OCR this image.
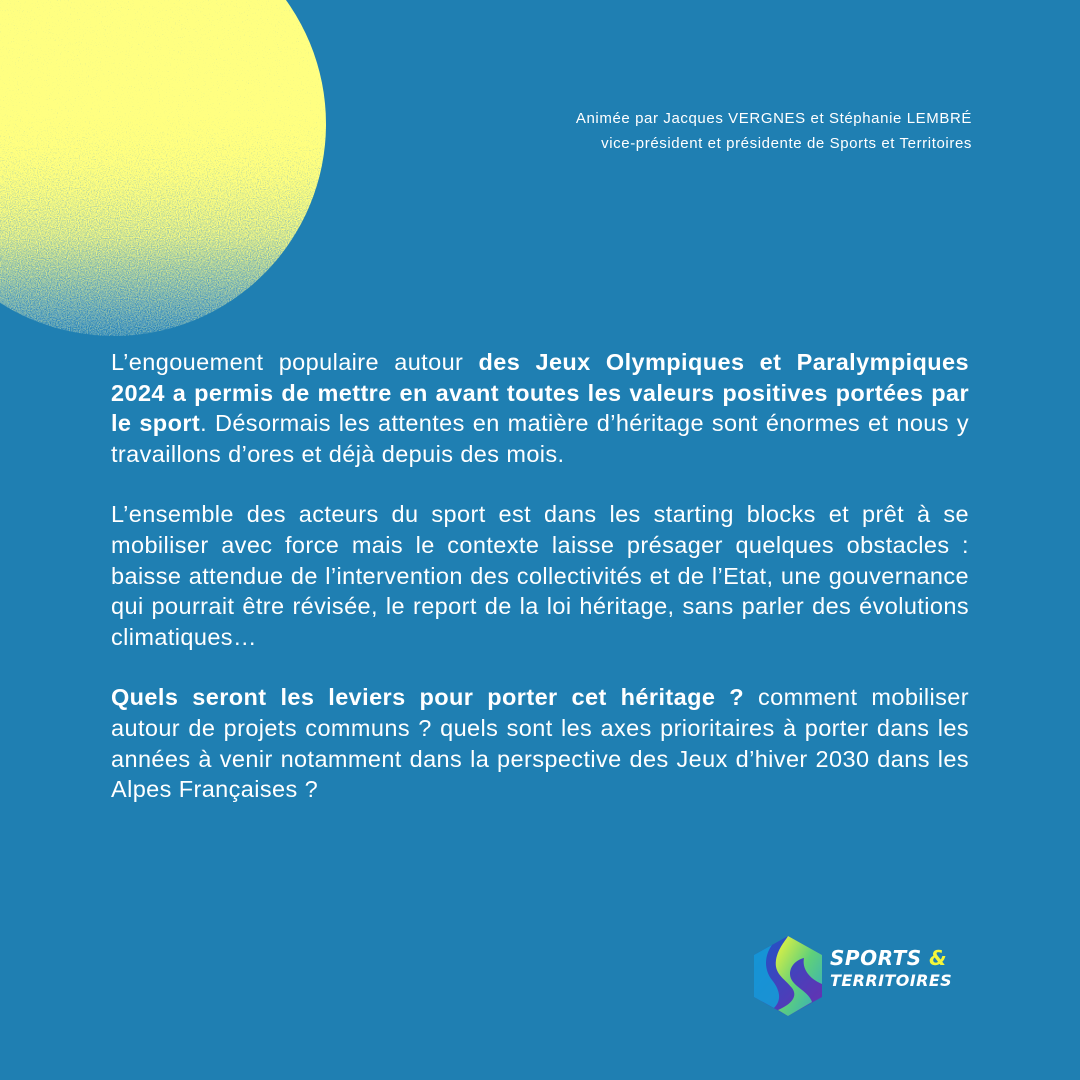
Animée par Jacques VERGNES et Stéphanie LEMBRÉ
vice-président et présidente de Sports et Territoires

L’engouement populaire autour des Jeux Olympiques et Paralympiques 2024 a permis de mettre en avant toutes les valeurs positives portées par le sport. Désormais les attentes en matière d’héritage sont énormes et nous y travaillons d’ores et déjà depuis des mois.

L’ensemble des acteurs du sport est dans les starting blocks et prêt à se mobiliser avec force mais le contexte laisse présager quelques obstacles : baisse attendue de l’intervention des collectivités et de l’Etat, une gouvernance qui pourrait être révisée, le report de la loi héritage, sans parler des évolutions climatiques…

Quels seront les leviers pour porter cet héritage ? comment mobiliser autour de projets communs ? quels sont les axes prioritaires à porter dans les années à venir notamment dans la perspective des Jeux d’hiver 2030 dans les Alpes Françaises ?

SPORTS &
TERRITOIRES
